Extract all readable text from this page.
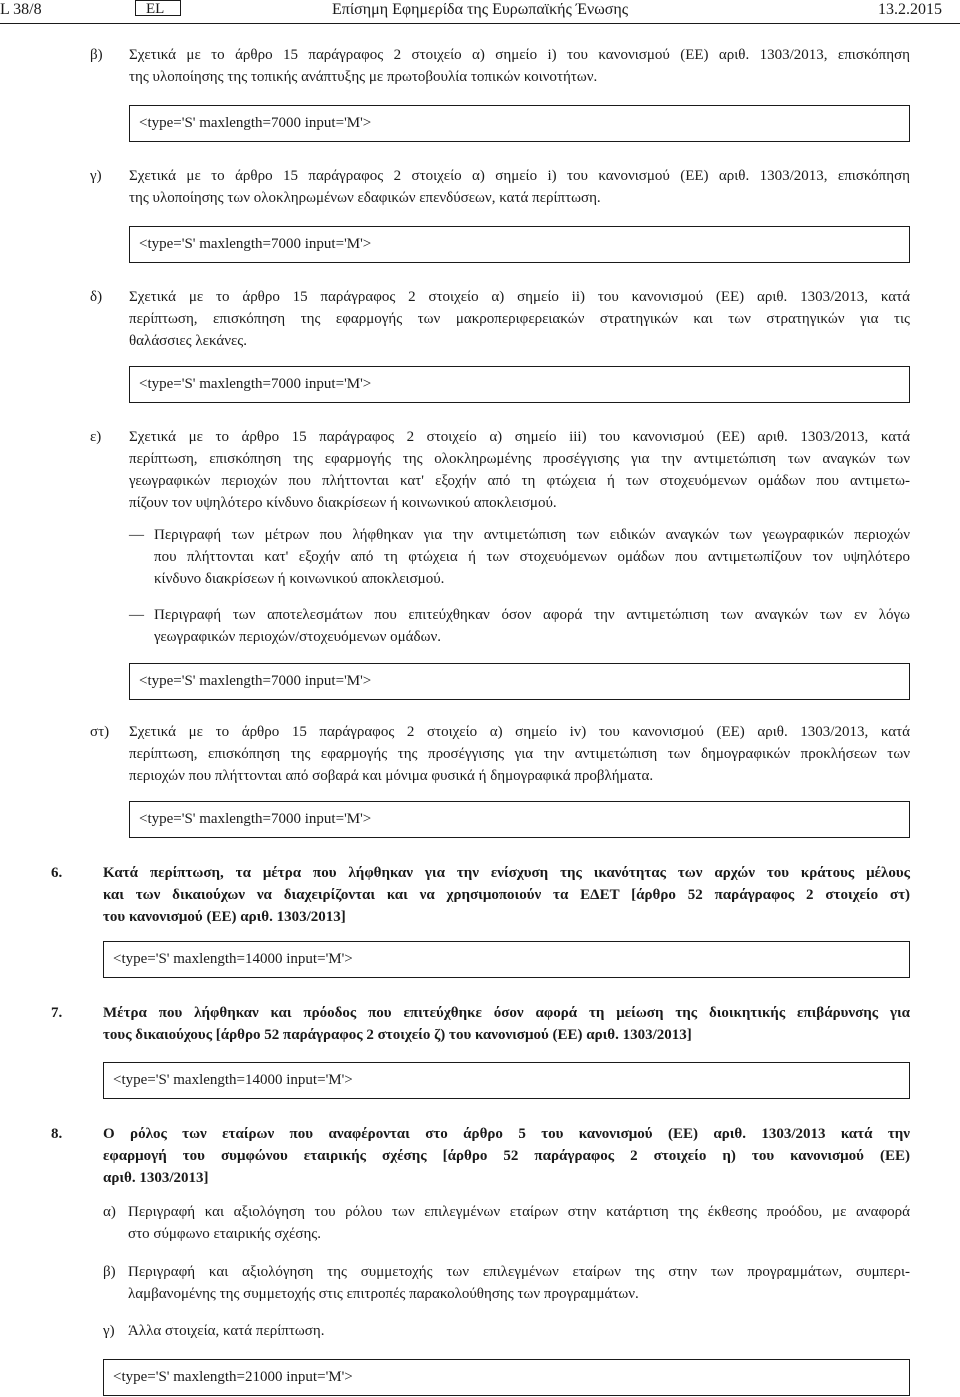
L 38/8	EL	Επίσημη Εφημερίδα της Ευρωπαϊκής Ένωσης	13.2.2015
β) Σχετικά με το άρθρο 15 παράγραφος 2 στοιχείο α) σημείο i) του κανονισμού (ΕΕ) αριθ. 1303/2013, επισκόπηση
της υλοποίησης της τοπικής ανάπτυξης με πρωτοβουλία τοπικών κοινοτήτων.
<type='S' maxlength=7000 input='M'>
γ) Σχετικά με το άρθρο 15 παράγραφος 2 στοιχείο α) σημείο i) του κανονισμού (ΕΕ) αριθ. 1303/2013, επισκόπηση
της υλοποίησης των ολοκληρωμένων εδαφικών επενδύσεων, κατά περίπτωση.
<type='S' maxlength=7000 input='M'>
δ) Σχετικά με το άρθρο 15 παράγραφος 2 στοιχείο α) σημείο ii) του κανονισμού (ΕΕ) αριθ. 1303/2013, κατά
περίπτωση, επισκόπηση της εφαρμογής των μακροπεριφερειακών στρατηγικών και των στρατηγικών για τις
θαλάσσιες λεκάνες.
<type='S' maxlength=7000 input='M'>
ε) Σχετικά με το άρθρο 15 παράγραφος 2 στοιχείο α) σημείο iii) του κανονισμού (ΕΕ) αριθ. 1303/2013, κατά
περίπτωση, επισκόπηση της εφαρμογής της ολοκληρωμένης προσέγγισης για την αντιμετώπιση των αναγκών των
γεωγραφικών περιοχών που πλήττονται κατ' εξοχήν από τη φτώχεια ή των στοχευόμενων ομάδων που αντιμετω-
πίζουν τον υψηλότερο κίνδυνο διακρίσεων ή κοινωνικού αποκλεισμού.
— Περιγραφή των μέτρων που λήφθηκαν για την αντιμετώπιση των ειδικών αναγκών των γεωγραφικών περιοχών
που πλήττονται κατ' εξοχήν από τη φτώχεια ή των στοχευόμενων ομάδων που αντιμετωπίζουν τον υψηλότερο
κίνδυνο διακρίσεων ή κοινωνικού αποκλεισμού.
— Περιγραφή των αποτελεσμάτων που επιτεύχθηκαν όσον αφορά την αντιμετώπιση των αναγκών των εν λόγω
γεωγραφικών περιοχών/στοχευόμενων ομάδων.
<type='S' maxlength=7000 input='M'>
στ) Σχετικά με το άρθρο 15 παράγραφος 2 στοιχείο α) σημείο iv) του κανονισμού (ΕΕ) αριθ. 1303/2013, κατά
περίπτωση, επισκόπηση της εφαρμογής της προσέγγισης για την αντιμετώπιση των δημογραφικών προκλήσεων των
περιοχών που πλήττονται από σοβαρά και μόνιμα φυσικά ή δημογραφικά προβλήματα.
<type='S' maxlength=7000 input='M'>
6.	Κατά περίπτωση, τα μέτρα που λήφθηκαν για την ενίσχυση της ικανότητας των αρχών του κράτους μέλους
και των δικαιούχων να διαχειρίζονται και να χρησιμοποιούν τα ΕΔΕΤ [άρθρο 52 παράγραφος 2 στοιχείο στ)
του κανονισμού (ΕΕ) αριθ. 1303/2013]
<type='S' maxlength=14000 input='M'>
7.	Μέτρα που λήφθηκαν και πρόοδος που επιτεύχθηκε όσον αφορά τη μείωση της διοικητικής επιβάρυνσης για
τους δικαιούχους [άρθρο 52 παράγραφος 2 στοιχείο ζ) του κανονισμού (ΕΕ) αριθ. 1303/2013]
<type='S' maxlength=14000 input='M'>
8.	Ο ρόλος των εταίρων που αναφέρονται στο άρθρο 5 του κανονισμού (ΕΕ) αριθ. 1303/2013 κατά την
εφαρμογή του συμφώνου εταιρικής σχέσης [άρθρο 52 παράγραφος 2 στοιχείο η) του κανονισμού (ΕΕ)
αριθ. 1303/2013]
α) Περιγραφή και αξιολόγηση του ρόλου των επιλεγμένων εταίρων στην κατάρτιση της έκθεσης προόδου, με αναφορά
στο σύμφωνο εταιρικής σχέσης.
β) Περιγραφή και αξιολόγηση της συμμετοχής των επιλεγμένων εταίρων της στην των προγραμμάτων, συμπερι-
λαμβανομένης της συμμετοχής στις επιτροπές παρακολούθησης των προγραμμάτων.
γ) Άλλα στοιχεία, κατά περίπτωση.
<type='S' maxlength=21000 input='M'>
